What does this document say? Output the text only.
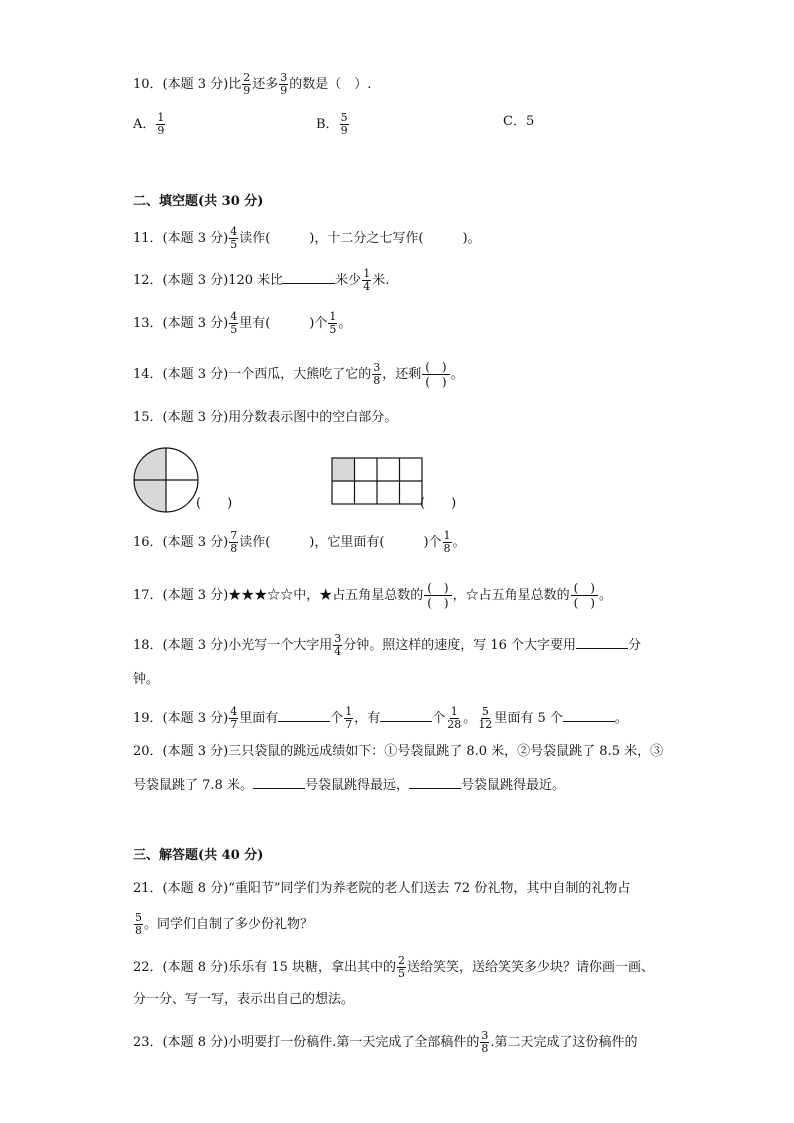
10．(本题 3 分)比 $\frac{2}{9}$ 还多 $\frac{3}{9}$ 的数是（　）.
A． $\frac{1}{9}$	B． $\frac{5}{9}$	C．5
二、填空题(共 30 分)
11．(本题 3 分) $\frac{4}{5}$ 读作(　　　)，十二分之七写作(　　　)。
12．(本题 3 分)120 米比	米少 $\frac{1}{4}$ 米.
13．(本题 3 分) $\frac{4}{5}$ 里有(　　　)个 $\frac{1}{5}$ 。
14．(本题 3 分)一个西瓜，大熊吃了它的 $\frac{3}{8}$ ，还剩 (　)
(　) 。
15．(本题 3 分)用分数表示图中的空白部分。
(　　)	(　　)
16．(本题 3 分) $\frac{7}{8}$ 读作(　　　)，它里面有(　　　)个 $\frac{1}{8}$ 。
17．(本题 3 分)★★★☆☆中，★占五角星总数的 (　)
(　) ，☆占五角星总数的 (　)
(　) 。
18．(本题 3 分)小光写一个大字用 $\frac{3}{4}$ 分钟。照这样的速度，写 16 个大字要用	分
钟。
19．(本题 3 分) $\frac{4}{7}$ 里面有	个 $\frac{1}{7}$ ，有	个 $\frac{1}{28}$ 。 $\frac{5}{12}$ 里面有 5 个	。
20．(本题 3 分)三只袋鼠的跳远成绩如下：①号袋鼠跳了 8.0 米，②号袋鼠跳了 8.5 米，③
号袋鼠跳了 7.8 米。	号袋鼠跳得最远，	号袋鼠跳得最近。
三、解答题(共 40 分)
21．(本题 8 分)“重阳节”同学们为养老院的老人们送去 72 份礼物，其中自制的礼物占
$\frac{5}{8}$ 。同学们自制了多少份礼物？
22．(本题 8 分)乐乐有 15 块糖，拿出其中的 $\frac{2}{5}$ 送给笑笑，送给笑笑多少块？请你画一画、
分一分、写一写，表示出自己的想法。
23．(本题 8 分)小明要打一份稿件.第一天完成了全部稿件的 $\frac{3}{8}$ .第二天完成了这份稿件的
